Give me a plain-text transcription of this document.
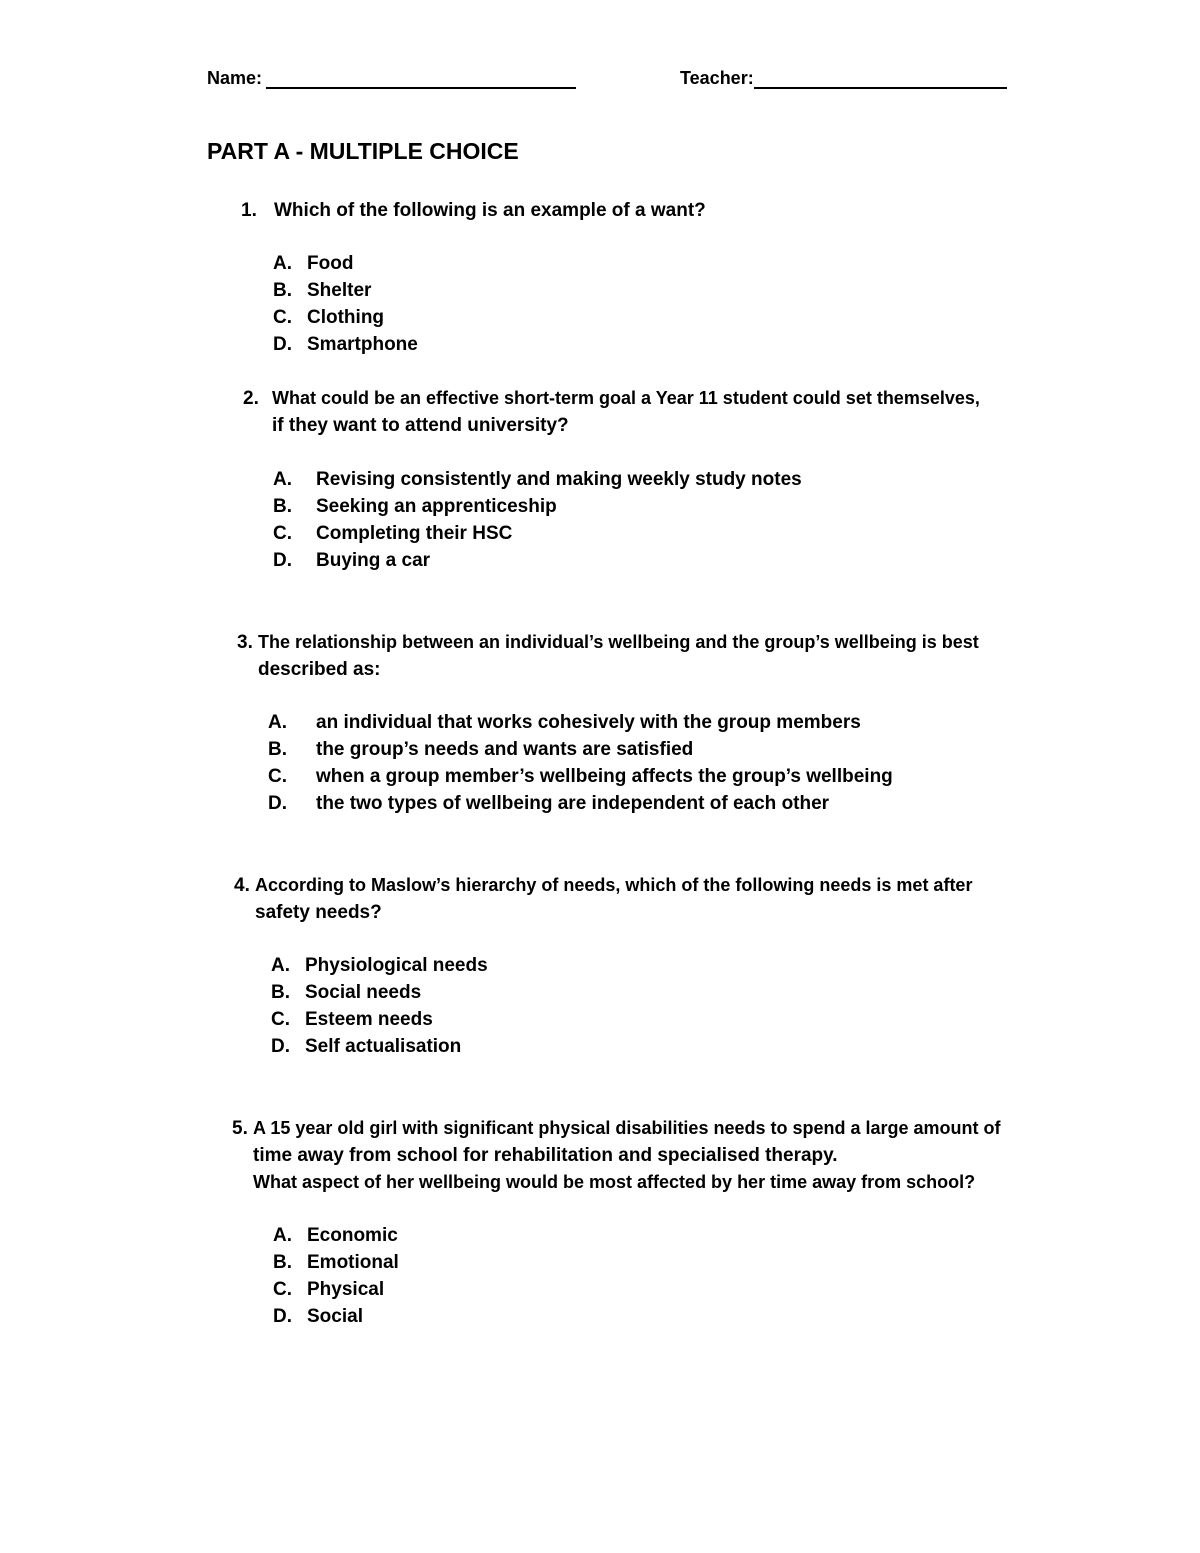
Name:	Teacher:
PART A - MULTIPLE CHOICE
1. Which of the following is an example of a want?
A. Food
B. Shelter
C. Clothing
D. Smartphone
2. What could be an effective short-term goal a Year 11 student could set themselves,
if they want to attend university?
A.	Revising consistently and making weekly study notes
B.	Seeking an apprenticeship
C.	Completing their HSC
D.	Buying a car
3. The relationship between an individual’s wellbeing and the group’s wellbeing is best
described as:
A.	an individual that works cohesively with the group members
B.	the group’s needs and wants are satisfied
C.	when a group member’s wellbeing affects the group’s wellbeing
D.	the two types of wellbeing are independent of each other
4. According to Maslow’s hierarchy of needs, which of the following needs is met after
safety needs?
A. Physiological needs
B. Social needs
C. Esteem needs
D. Self actualisation
5. A 15 year old girl with significant physical disabilities needs to spend a large amount of
time away from school for rehabilitation and specialised therapy.
What aspect of her wellbeing would be most affected by her time away from school?
A. Economic
B. Emotional
C. Physical
D. Social
